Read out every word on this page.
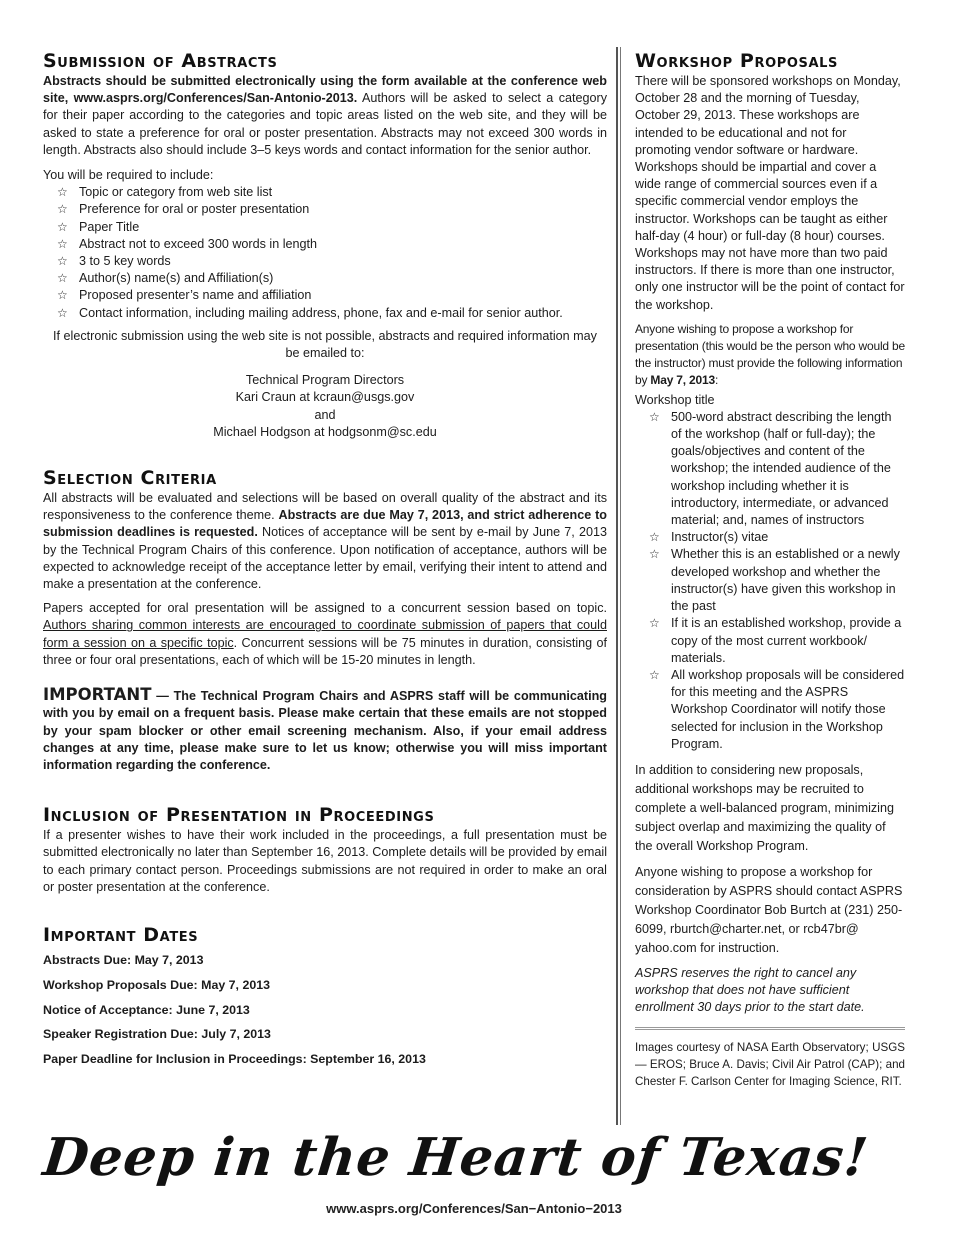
Submission of Abstracts

Abstracts should be submitted electronically using the form available at the conference web site, www.asprs.org/Conferences/San-Antonio-2013. Authors will be asked to select a category for their paper according to the categories and topic areas listed on the web site, and they will be asked to state a preference for oral or poster presentation. Abstracts may not exceed 300 words in length. Abstracts also should include 3–5 keys words and contact information for the senior author.

You will be required to include:

☆ Topic or category from web site list
☆ Preference for oral or poster presentation
☆ Paper Title
☆ Abstract not to exceed 300 words in length
☆ 3 to 5 key words
☆ Author(s) name(s) and Affiliation(s)
☆ Proposed presenter’s name and affiliation
☆ Contact information, including mailing address, phone, fax and e-mail for senior author.

If electronic submission using the web site is not possible, abstracts and required information may be emailed to:

Technical Program Directors
Kari Craun at kcraun@usgs.gov
and
Michael Hodgson at hodgsonm@sc.edu
Selection Criteria

All abstracts will be evaluated and selections will be based on overall quality of the abstract and its responsiveness to the conference theme. Abstracts are due May 7, 2013, and strict adherence to submission deadlines is requested. Notices of acceptance will be sent by e-mail by June 7, 2013 by the Technical Program Chairs of this conference. Upon notification of acceptance, authors will be expected to acknowledge receipt of the acceptance letter by email, verifying their intent to attend and make a presentation at the conference.

Papers accepted for oral presentation will be assigned to a concurrent session based on topic. Authors sharing common interests are encouraged to coordinate submission of papers that could form a session on a specific topic. Concurrent sessions will be 75 minutes in duration, consisting of three or four oral presentations, each of which will be 15-20 minutes in length.

IMPORTANT — The Technical Program Chairs and ASPRS staff will be communicating with you by email on a frequent basis. Please make certain that these emails are not stopped by your spam blocker or other email screening mechanism. Also, if your email address changes at any time, please make sure to let us know; otherwise you will miss important information regarding the conference.

Inclusion of Presentation in Proceedings

If a presenter wishes to have their work included in the proceedings, a full presentation must be submitted electronically no later than September 16, 2013. Complete details will be provided by email to each primary contact person. Proceedings submissions are not required in order to make an oral or poster presentation at the conference.

Important Dates
Abstracts Due: May 7, 2013
Workshop Proposals Due: May 7, 2013
Notice of Acceptance: June 7, 2013
Speaker Registration Due: July 7, 2013
Paper Deadline for Inclusion in Proceedings: September 16, 2013
Workshop Proposals

There will be sponsored workshops on Monday, October 28 and the morning of Tuesday, October 29, 2013. These workshops are intended to be educational and not for promoting vendor software or hardware. Workshops should be impartial and cover a wide range of commercial sources even if a specific commercial vendor employs the instructor. Workshops can be taught as either half-day (4 hour) or full-day (8 hour) courses. Workshops may not have more than two paid instructors. If there is more than one instructor, only one instructor will be the point of contact for the workshop.

Anyone wishing to propose a workshop for presentation (this would be the person who would be the instructor) must provide the following information by May 7, 2013:

Workshop title

☆ 500-word abstract describing the length of the workshop (half or full-day); the goals/objectives and content of the workshop; the intended audience of the workshop including whether it is introductory, intermediate, or advanced material; and, names of instructors
☆ Instructor(s) vitae
☆ Whether this is an established or a newly developed workshop and whether the instructor(s) have given this workshop in the past
☆ If it is an established workshop, provide a copy of the most current workbook/ materials.
☆ All workshop proposals will be considered for this meeting and the ASPRS Workshop Coordinator will notify those selected for inclusion in the Workshop Program.

In addition to considering new proposals, additional workshops may be recruited to complete a well-balanced program, minimizing subject overlap and maximizing the quality of the overall Workshop Program.

Anyone wishing to propose a workshop for consideration by ASPRS should contact ASPRS Workshop Coordinator Bob Burtch at (231) 250-6099, rburtch@charter.net, or rcb47br@ yahoo.com for instruction.

ASPRS reserves the right to cancel any workshop that does not have sufficient enrollment 30 days prior to the start date.

Images courtesy of NASA Earth Observatory; USGS — EROS; Bruce A. Davis; Civil Air Patrol (CAP); and Chester F. Carlson Center for Imaging Science, RIT.

Deep in the Heart of Texas!
www.asprs.org/Conferences/San−Antonio−2013
